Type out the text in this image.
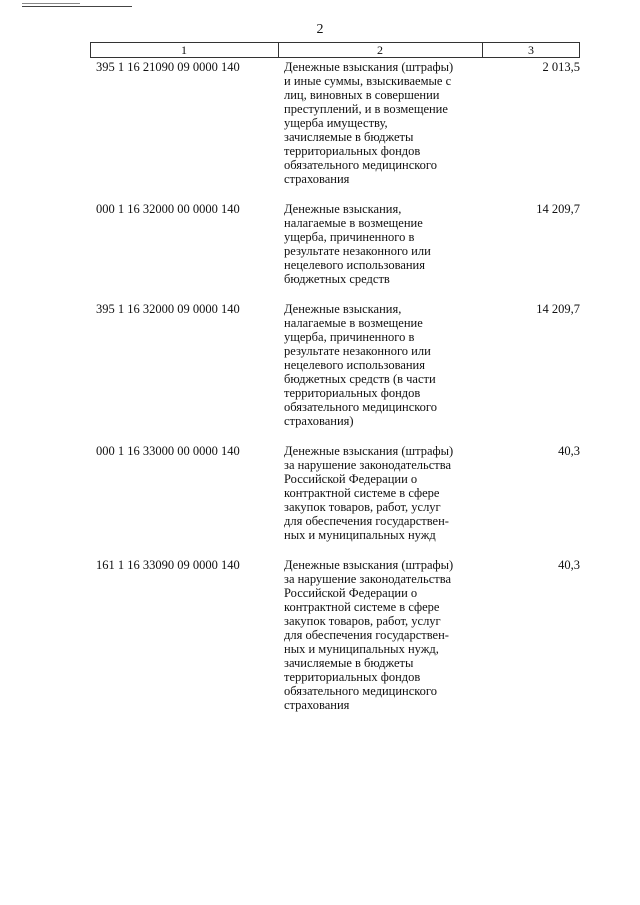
2
1	2	3
395 1 16 21090 09 0000 140	Денежные взыскания (штрафы)
и иные суммы, взыскиваемые с
лиц, виновных в совершении
преступлений, и в возмещение
ущерба имуществу,
зачисляемые в бюджеты
территориальных фондов
обязательного медицинского
страхования
2 013,5
000 1 16 32000 00 0000 140	Денежные взыскания,
налагаемые в возмещение
ущерба, причиненного в
результате незаконного или
нецелевого использования
бюджетных средств
14 209,7
395 1 16 32000 09 0000 140	Денежные взыскания,
налагаемые в возмещение
ущерба, причиненного в
результате незаконного или
нецелевого использования
бюджетных средств (в части
территориальных фондов
обязательного медицинского
страхования)
14 209,7
000 1 16 33000 00 0000 140	Денежные взыскания (штрафы)
за нарушение законодательства
Российской Федерации о
контрактной системе в сфере
закупок товаров, работ, услуг
для обеспечения государствен-
ных и муниципальных нужд
40,3
161 1 16 33090 09 0000 140	Денежные взыскания (штрафы)
за нарушение законодательства
Российской Федерации о
контрактной системе в сфере
закупок товаров, работ, услуг
для обеспечения государствен-
ных и муниципальных нужд,
зачисляемые в бюджеты
территориальных фондов
обязательного медицинского
страхования
40,3
